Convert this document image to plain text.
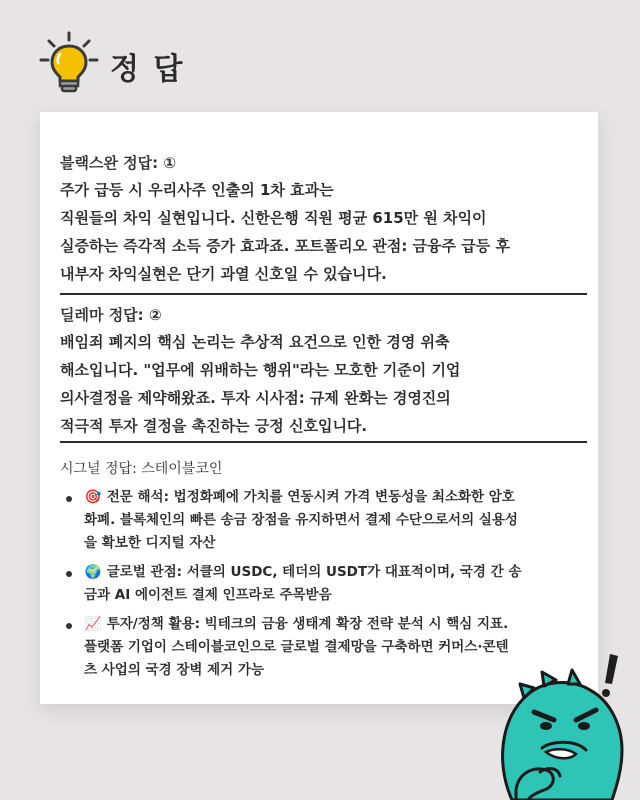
정 답
블랙스완 정답: ①
주가 급등 시 우리사주 인출의 1차 효과는
직원들의 차익 실현입니다. 신한은행 직원 평균 615만 원 차익이
실증하는 즉각적 소득 증가 효과죠. 포트폴리오 관점: 금융주 급등 후
내부자 차익실현은 단기 과열 신호일 수 있습니다.
딜레마 정답: ②
배임죄 폐지의 핵심 논리는 추상적 요건으로 인한 경영 위축
해소입니다. "업무에 위배하는 행위"라는 모호한 기준이 기업
의사결정을 제약해왔죠. 투자 시사점: 규제 완화는 경영진의
적극적 투자 결정을 촉진하는 긍정 신호입니다.
시그널 정답: 스테이블코인
🎯 전문 해석: 법정화폐에 가치를 연동시켜 가격 변동성을 최소화한 암호
화폐. 블록체인의 빠른 송금 장점을 유지하면서 결제 수단으로서의 실용성
을 확보한 디지털 자산
🌍 글로벌 관점: 서클의 USDC, 테더의 USDT가 대표적이며, 국경 간 송
금과 AI 에이전트 결제 인프라로 주목받음
📈 투자/정책 활용: 빅테크의 금융 생태계 확장 전략 분석 시 핵심 지표.
플랫폼 기업이 스테이블코인으로 글로벌 결제망을 구축하면 커머스·콘텐
츠 사업의 국경 장벽 제거 가능
